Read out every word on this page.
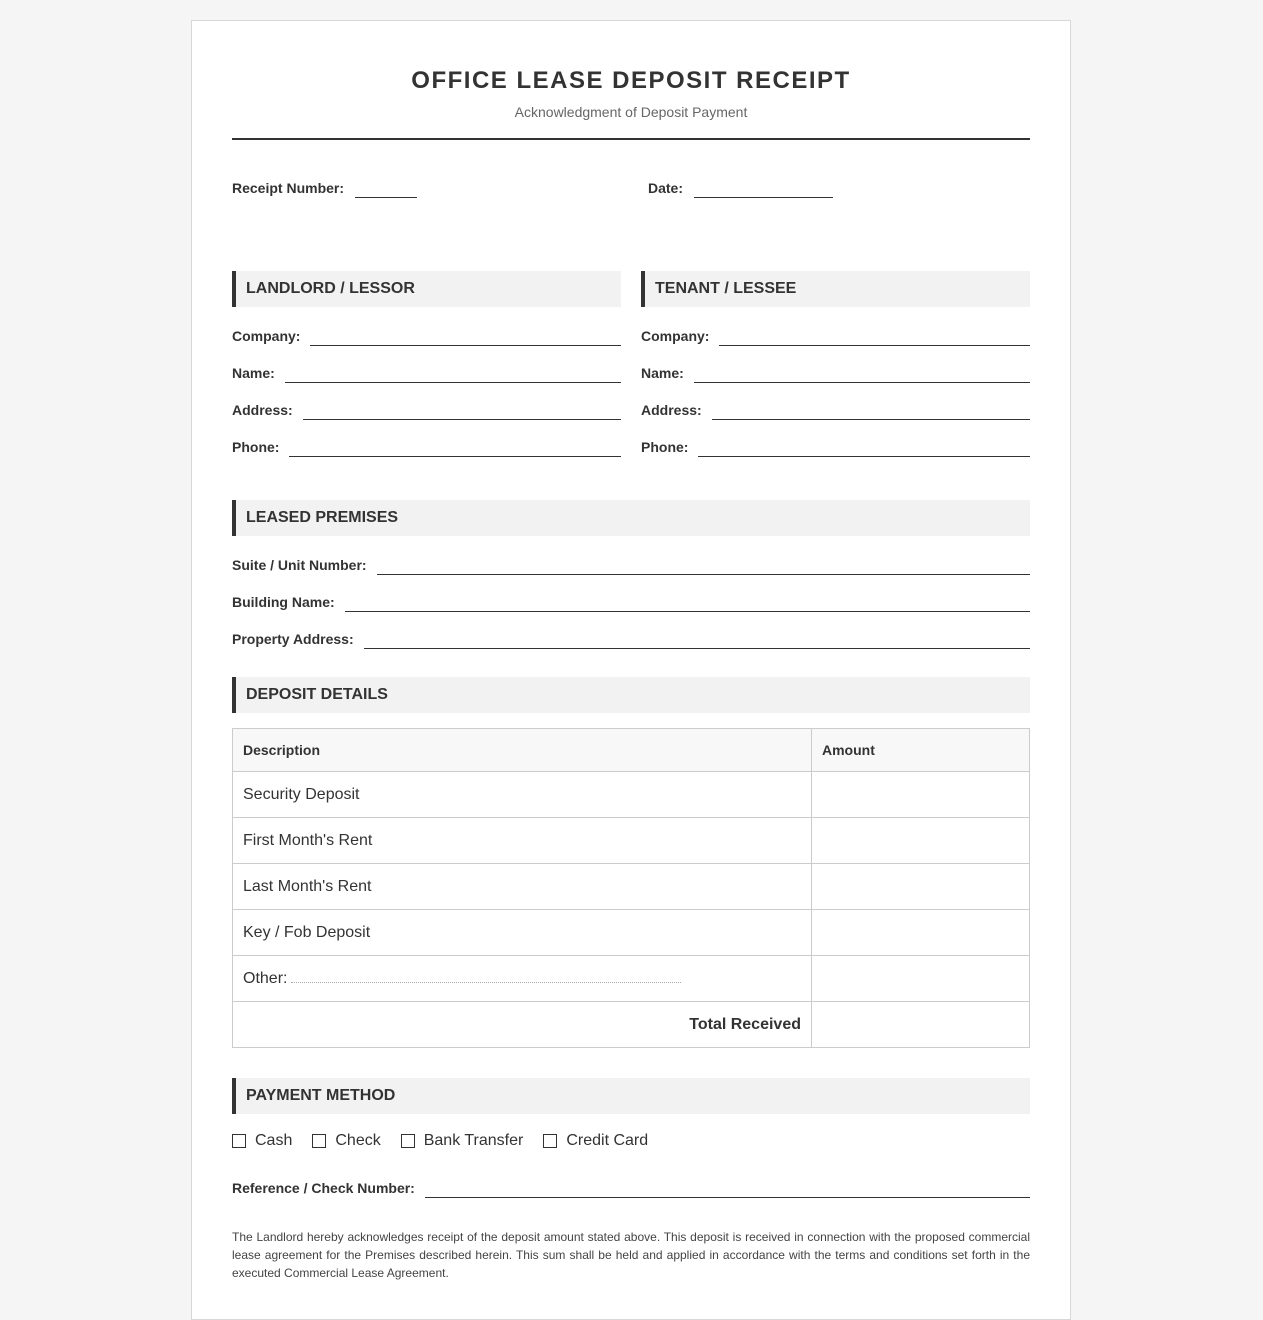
OFFICE LEASE DEPOSIT RECEIPT
Acknowledgment of Deposit Payment
Receipt Number:	Date:
LANDLORD / LESSOR
Company:
Name:
Address:
Phone:
TENANT / LESSEE
Company:
Name:
Address:
Phone:
LEASED PREMISES
Suite / Unit Number:
Building Name:
Property Address:
DEPOSIT DETAILS
Description	Amount
Security Deposit	
First Month's Rent	
Last Month's Rent	
Key / Fob Deposit	
Other:	
Total Received	
PAYMENT METHOD
Cash	Check	Bank Transfer	Credit Card
Reference / Check Number:
The Landlord hereby acknowledges receipt of the deposit amount stated above. This deposit is received in connection with the proposed commercial lease agreement for the Premises described herein. This sum shall be held and applied in accordance with the terms and conditions set forth in the executed Commercial Lease Agreement.
